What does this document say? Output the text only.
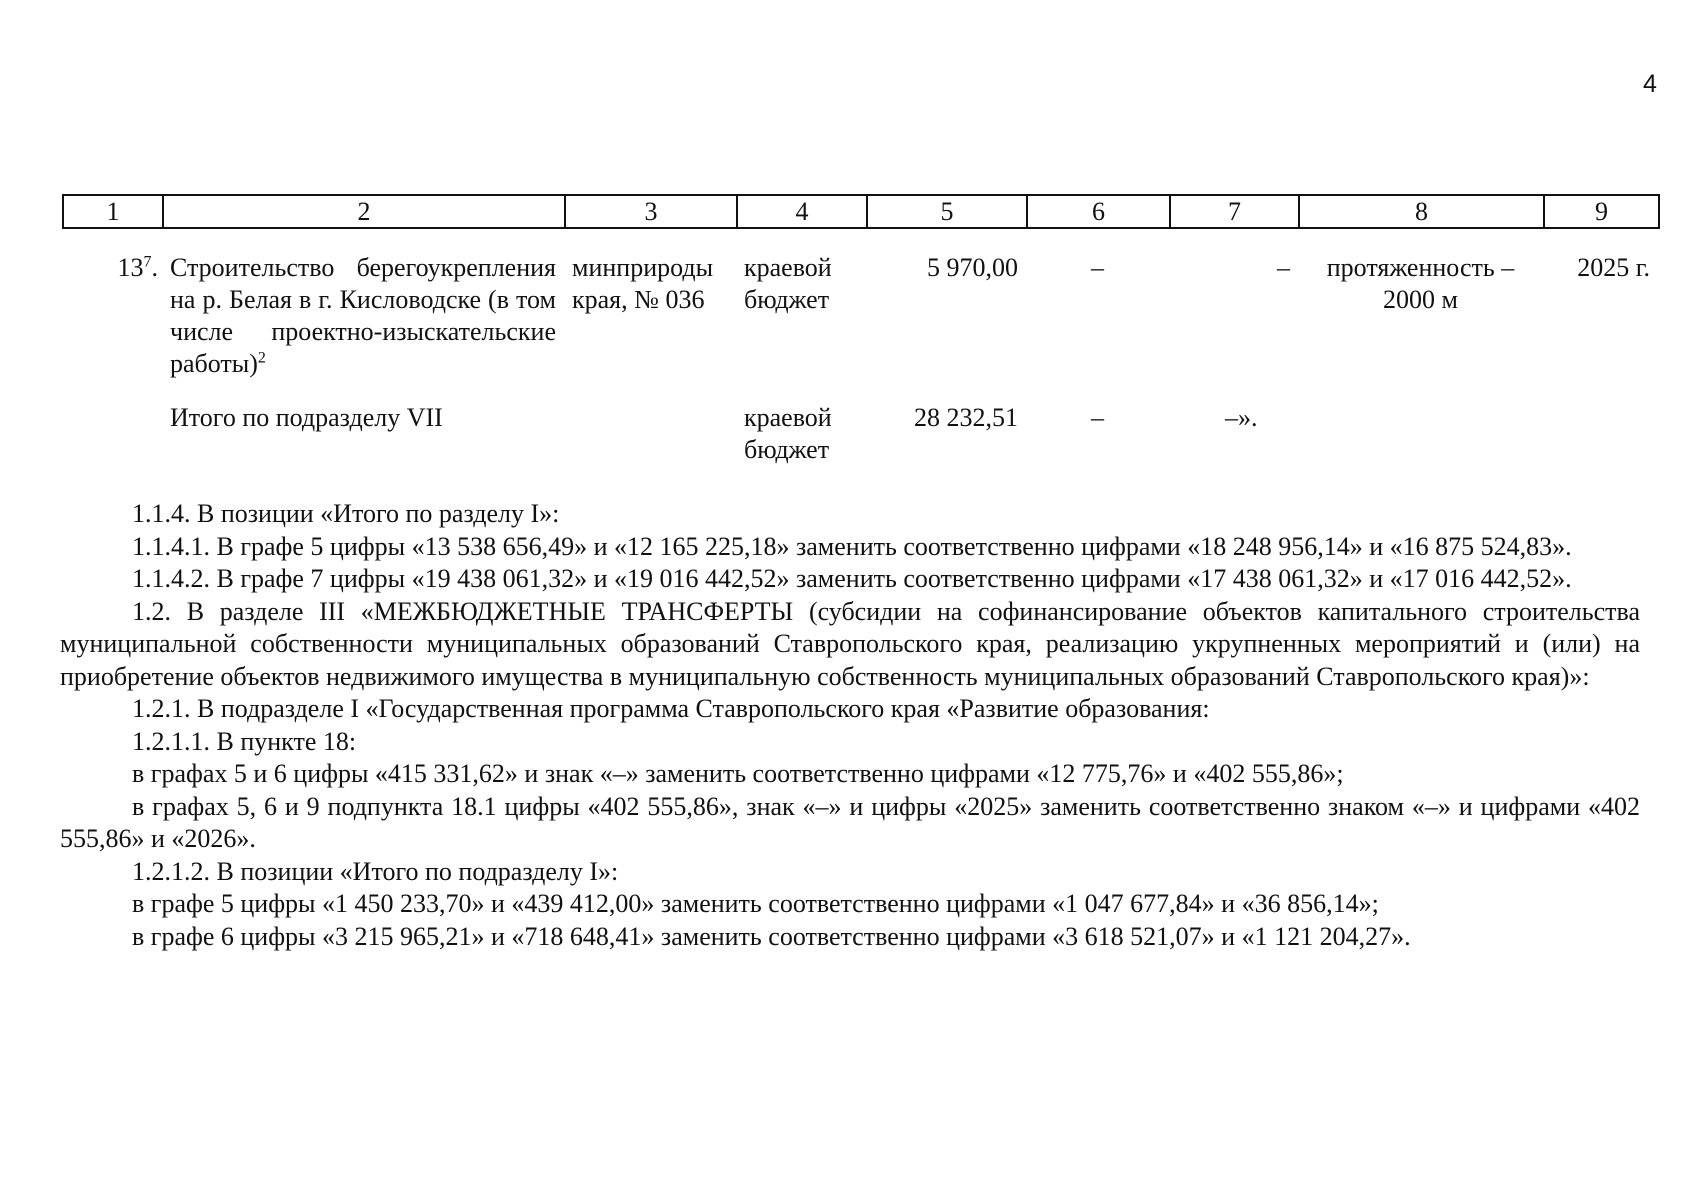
4
1	2	3	4	5	6	7	8	9
$13^7$.	Строительство берегоукрепления на р. Белая в г. Кисловодске (в том числе проектно-изыскательские работы)$^2$	минприроды края, № 036	краевой бюджет	5 970,00	–	–	протяженность – 2000 м	2025 г.
	Итого по подразделу VII		краевой бюджет	28 232,51	–	–».		

1.1.4. В позиции «Итого по разделу I»:

1.1.4.1. В графе 5 цифры «13 538 656,49» и «12 165 225,18» заменить соответственно цифрами «18 248 956,14» и «16 875 524,83».

1.1.4.2. В графе 7 цифры «19 438 061,32» и «19 016 442,52» заменить соответственно цифрами «17 438 061,32» и «17 016 442,52».

1.2. В разделе III «МЕЖБЮДЖЕТНЫЕ ТРАНСФЕРТЫ (субсидии на софинансирование объектов капитального строительства муниципальной собственности муниципальных образований Ставропольского края, реализацию укрупненных мероприятий и (или) на приобретение объектов недвижимого имущества в муниципальную собственность муниципальных образований Ставропольского края)»:

1.2.1. В подразделе I «Государственная программа Ставропольского края «Развитие образования:

1.2.1.1. В пункте 18:

в графах 5 и 6 цифры «415 331,62» и знак «–» заменить соответственно цифрами «12 775,76» и «402 555,86»;

в графах 5, 6 и 9 подпункта 18.1 цифры «402 555,86», знак «–» и цифры «2025» заменить соответственно знаком «–» и цифрами «402 555,86» и «2026».

1.2.1.2. В позиции «Итого по подразделу I»:

в графе 5 цифры «1 450 233,70» и «439 412,00» заменить соответственно цифрами «1 047 677,84» и «36 856,14»;

в графе 6 цифры «3 215 965,21» и «718 648,41» заменить соответственно цифрами «3 618 521,07» и «1 121 204,27».
